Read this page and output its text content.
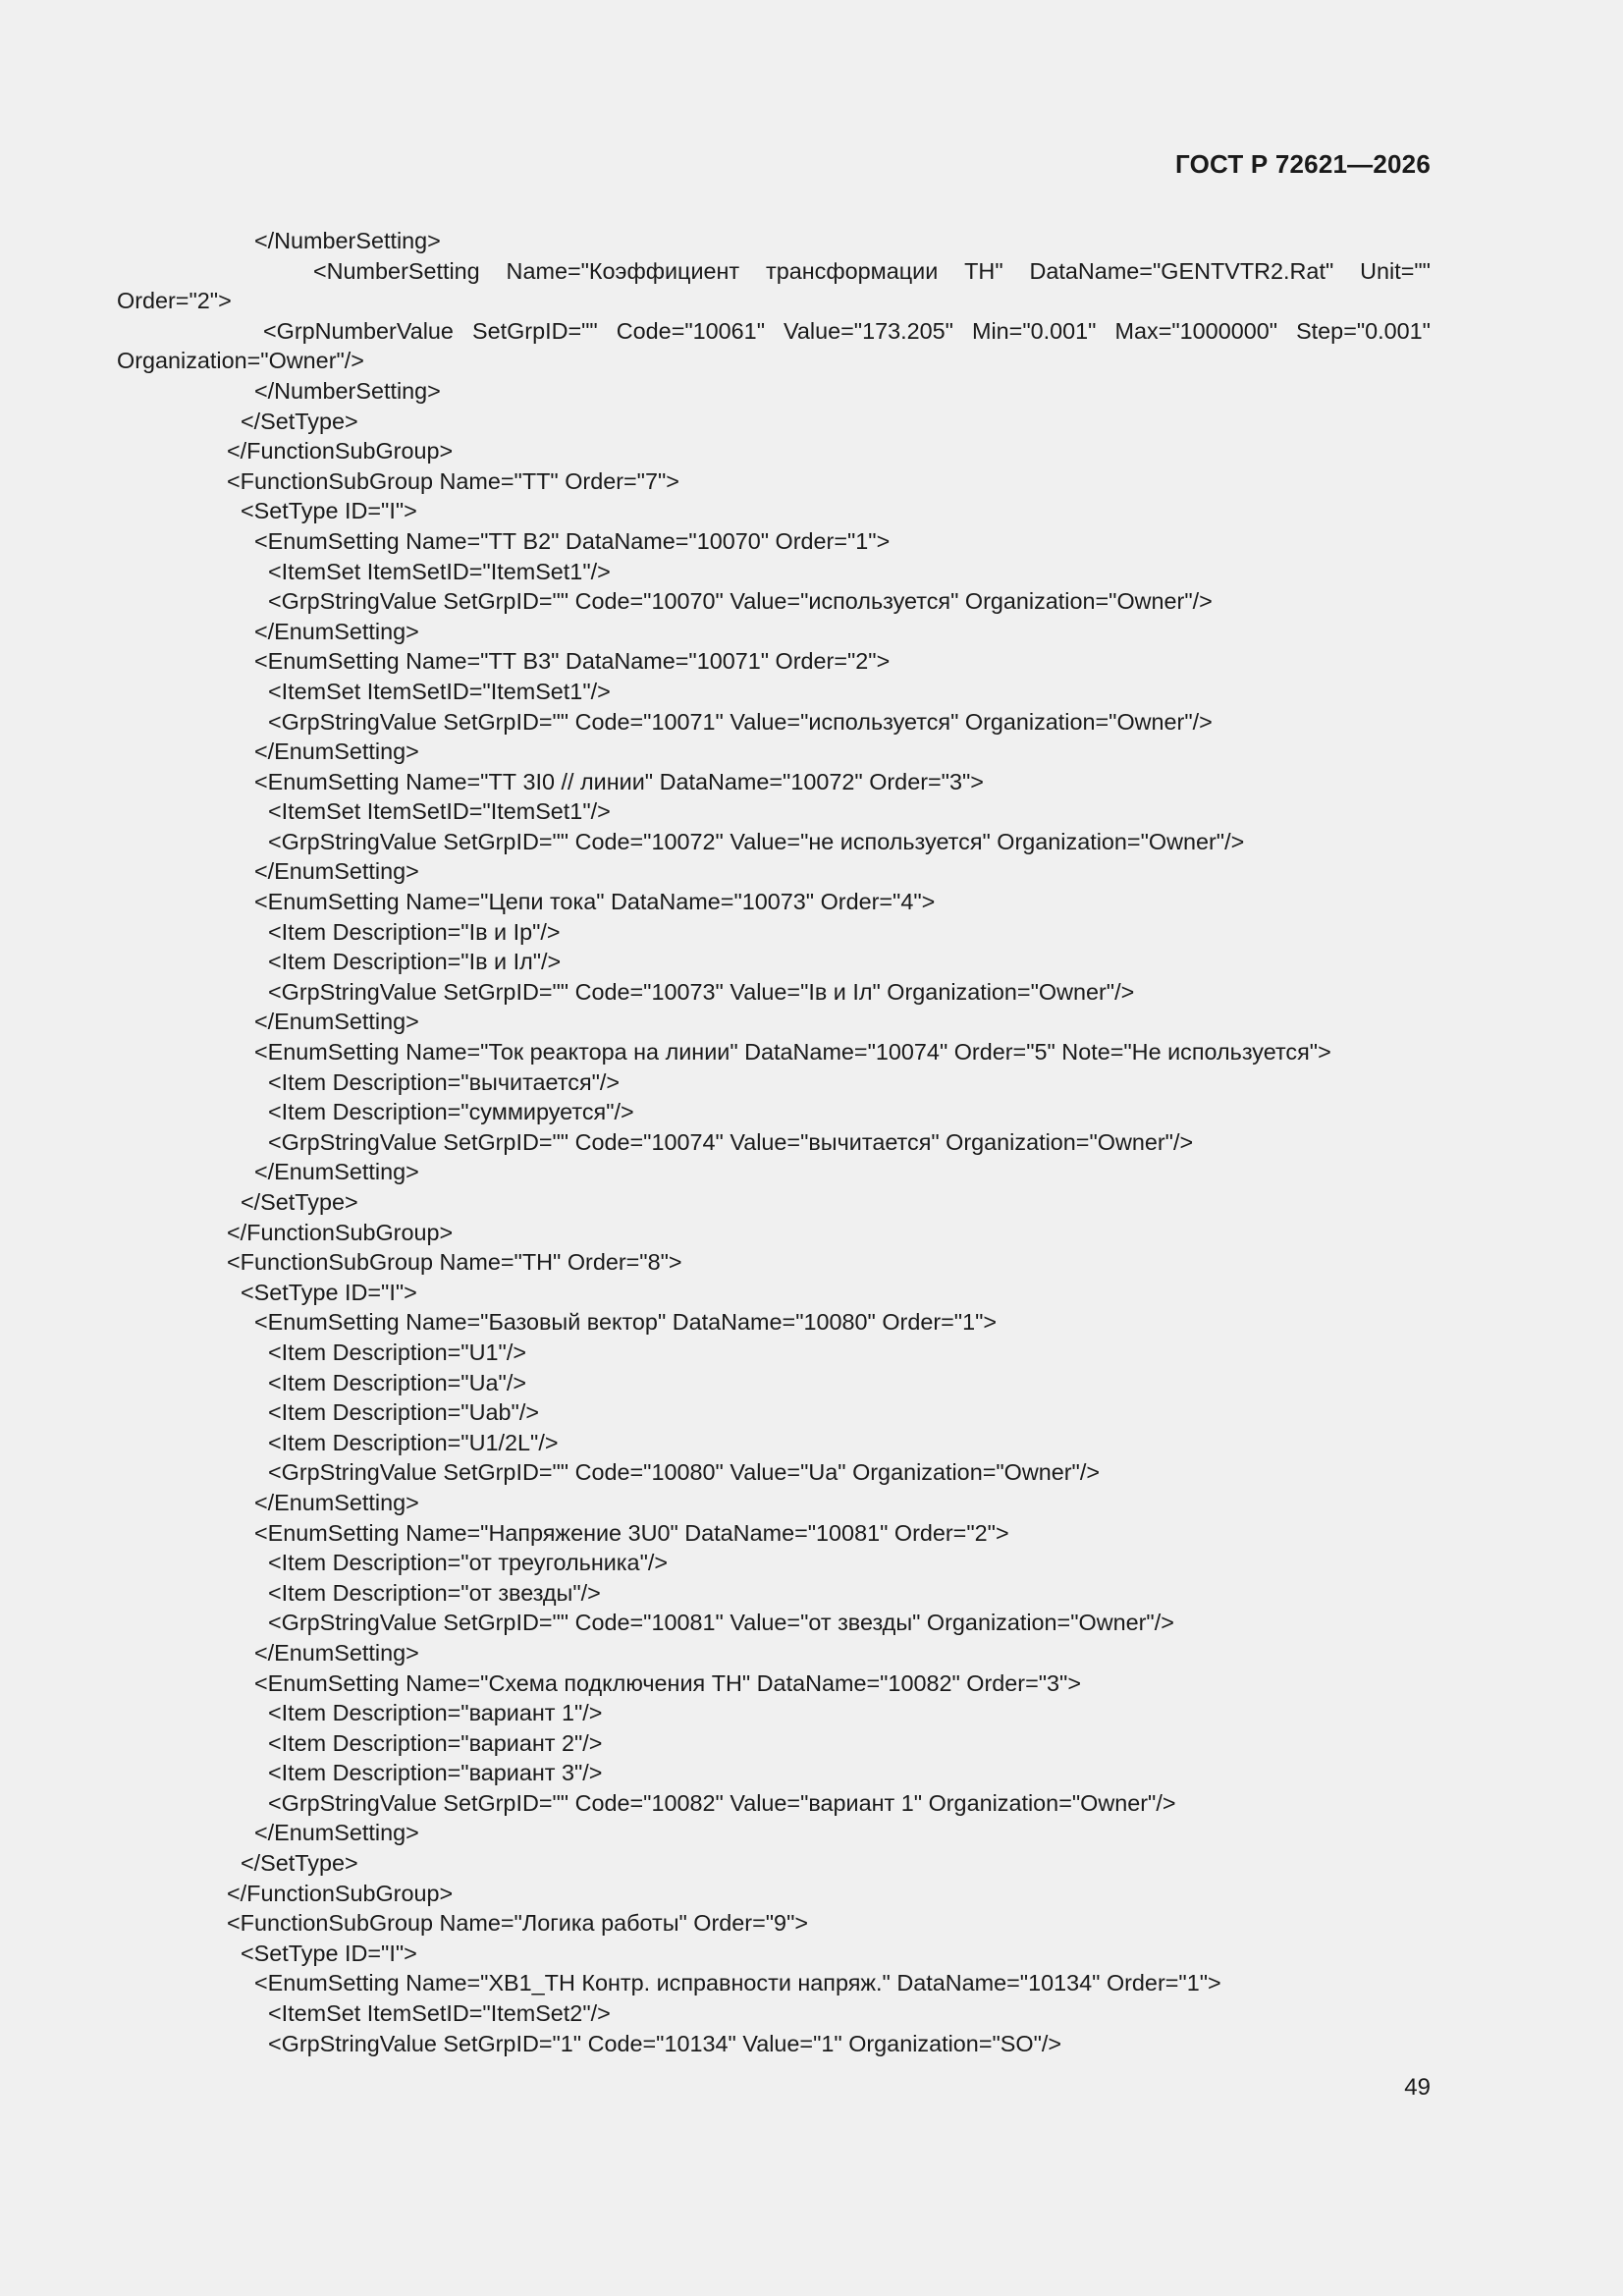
ГОСТ Р 72621—2026
</NumberSetting>
<NumberSetting Name="Коэффициент трансформации ТН" DataName="GENTVTR2.Rat" Unit=""
Order="2">
<GrpNumberValue SetGrpID="" Code="10061" Value="173.205" Min="0.001" Max="1000000" Step="0.001"
Organization="Owner"/>
</NumberSetting>
</SetType>
</FunctionSubGroup>
<FunctionSubGroup Name="ТТ" Order="7">
<SetType ID="I">
<EnumSetting Name="ТТ В2" DataName="10070" Order="1">
<ItemSet ItemSetID="ItemSet1"/>
<GrpStringValue SetGrpID="" Code="10070" Value="используется" Organization="Owner"/>
</EnumSetting>
<EnumSetting Name="ТТ В3" DataName="10071" Order="2">
<ItemSet ItemSetID="ItemSet1"/>
<GrpStringValue SetGrpID="" Code="10071" Value="используется" Organization="Owner"/>
</EnumSetting>
<EnumSetting Name="ТТ 3I0 // линии" DataName="10072" Order="3">
<ItemSet ItemSetID="ItemSet1"/>
<GrpStringValue SetGrpID="" Code="10072" Value="не используется" Organization="Owner"/>
</EnumSetting>
<EnumSetting Name="Цепи тока" DataName="10073" Order="4">
<Item Description="Iв и Iр"/>
<Item Description="Iв и Iл"/>
<GrpStringValue SetGrpID="" Code="10073" Value="Iв и Iл" Organization="Owner"/>
</EnumSetting>
<EnumSetting Name="Ток реактора на линии" DataName="10074" Order="5" Note="Не используется">
<Item Description="вычитается"/>
<Item Description="суммируется"/>
<GrpStringValue SetGrpID="" Code="10074" Value="вычитается" Organization="Owner"/>
</EnumSetting>
</SetType>
</FunctionSubGroup>
<FunctionSubGroup Name="ТН" Order="8">
<SetType ID="I">
<EnumSetting Name="Базовый вектор" DataName="10080" Order="1">
<Item Description="U1"/>
<Item Description="Ua"/>
<Item Description="Uab"/>
<Item Description="U1/2L"/>
<GrpStringValue SetGrpID="" Code="10080" Value="Ua" Organization="Owner"/>
</EnumSetting>
<EnumSetting Name="Напряжение 3U0" DataName="10081" Order="2">
<Item Description="от треугольника"/>
<Item Description="от звезды"/>
<GrpStringValue SetGrpID="" Code="10081" Value="от звезды" Organization="Owner"/>
</EnumSetting>
<EnumSetting Name="Схема подключения ТН" DataName="10082" Order="3">
<Item Description="вариант 1"/>
<Item Description="вариант 2"/>
<Item Description="вариант 3"/>
<GrpStringValue SetGrpID="" Code="10082" Value="вариант 1" Organization="Owner"/>
</EnumSetting>
</SetType>
</FunctionSubGroup>
<FunctionSubGroup Name="Логика работы" Order="9">
<SetType ID="I">
<EnumSetting Name="XB1_ТН Контр. исправности напряж." DataName="10134" Order="1">
<ItemSet ItemSetID="ItemSet2"/>
<GrpStringValue SetGrpID="1" Code="10134" Value="1" Organization="SO"/>
49
